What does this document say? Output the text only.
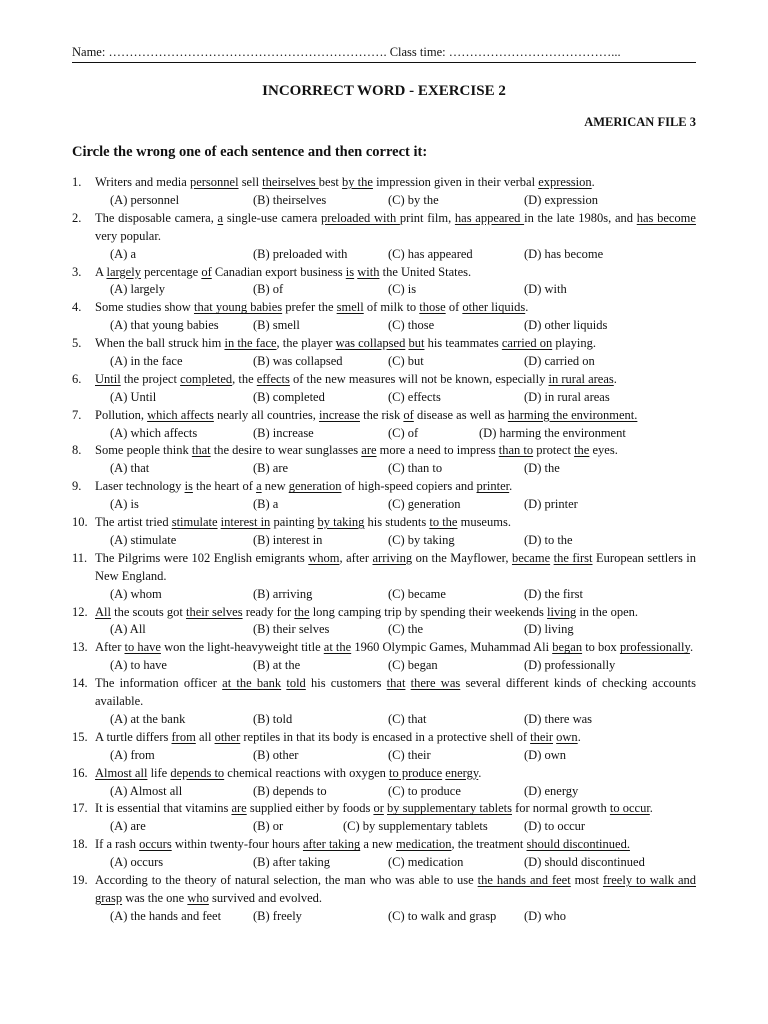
Name: …………………………………………………………. Class time: …………………………………...
INCORRECT WORD - EXERCISE 2
AMERICAN FILE 3
Circle the wrong one of each sentence and then correct it:
1. Writers and media personnel sell theirselves best by the impression given in their verbal expression.
(A) personnel	(B) theirselves	(C) by the	(D) expression
2. The disposable camera, a single-use camera preloaded with print film, has appeared in the late 1980s, and has become very popular.
(A) a	(B) preloaded with	(C) has appeared	(D) has become
3. A largely percentage of Canadian export business is with the United States.
(A) largely	(B) of	(C) is	(D) with
4. Some studies show that young babies prefer the smell of milk to those of other liquids.
(A) that young babies	(B) smell	(C) those	(D) other liquids
5. When the ball struck him in the face, the player was collapsed but his teammates carried on playing.
(A) in the face	(B) was collapsed	(C) but	(D) carried on
6. Until the project completed, the effects of the new measures will not be known, especially in rural areas.
(A) Until	(B) completed	(C) effects	(D) in rural areas
7. Pollution, which affects nearly all countries, increase the risk of disease as well as harming the environment.
(A) which affects	(B) increase	(C) of	(D) harming the environment
8. Some people think that the desire to wear sunglasses are more a need to impress than to protect the eyes.
(A) that	(B) are	(C) than to	(D) the
9. Laser technology is the heart of a new generation of high-speed copiers and printer.
(A) is	(B) a	(C) generation	(D) printer
10. The artist tried stimulate interest in painting by taking his students to the museums.
(A) stimulate	(B) interest in	(C) by taking	(D) to the
11. The Pilgrims were 102 English emigrants whom, after arriving on the Mayflower, became the first European settlers in New England.
(A) whom	(B) arriving	(C) became	(D) the first
12. All the scouts got their selves ready for the long camping trip by spending their weekends living in the open.
(A) All	(B) their selves	(C) the	(D) living
13. After to have won the light-heavyweight title at the 1960 Olympic Games, Muhammad Ali began to box professionally.
(A) to have	(B) at the	(C) began	(D) professionally
14. The information officer at the bank told his customers that there was several different kinds of checking accounts available.
(A) at the bank	(B) told	(C) that	(D) there was
15. A turtle differs from all other reptiles in that its body is encased in a protective shell of their own.
(A) from	(B) other	(C) their	(D) own
16. Almost all life depends to chemical reactions with oxygen to produce energy.
(A) Almost all	(B) depends to	(C) to produce	(D) energy
17. It is essential that vitamins are supplied either by foods or by supplementary tablets for normal growth to occur.
(A) are	(B) or	(C) by supplementary tablets	(D) to occur
18. If a rash occurs within twenty-four hours after taking a new medication, the treatment should discontinued.
(A) occurs	(B) after taking	(C) medication	(D) should discontinued
19. According to the theory of natural selection, the man who was able to use the hands and feet most freely to walk and grasp was the one who survived and evolved.
(A) the hands and feet	(B) freely	(C) to walk and grasp (D) who
